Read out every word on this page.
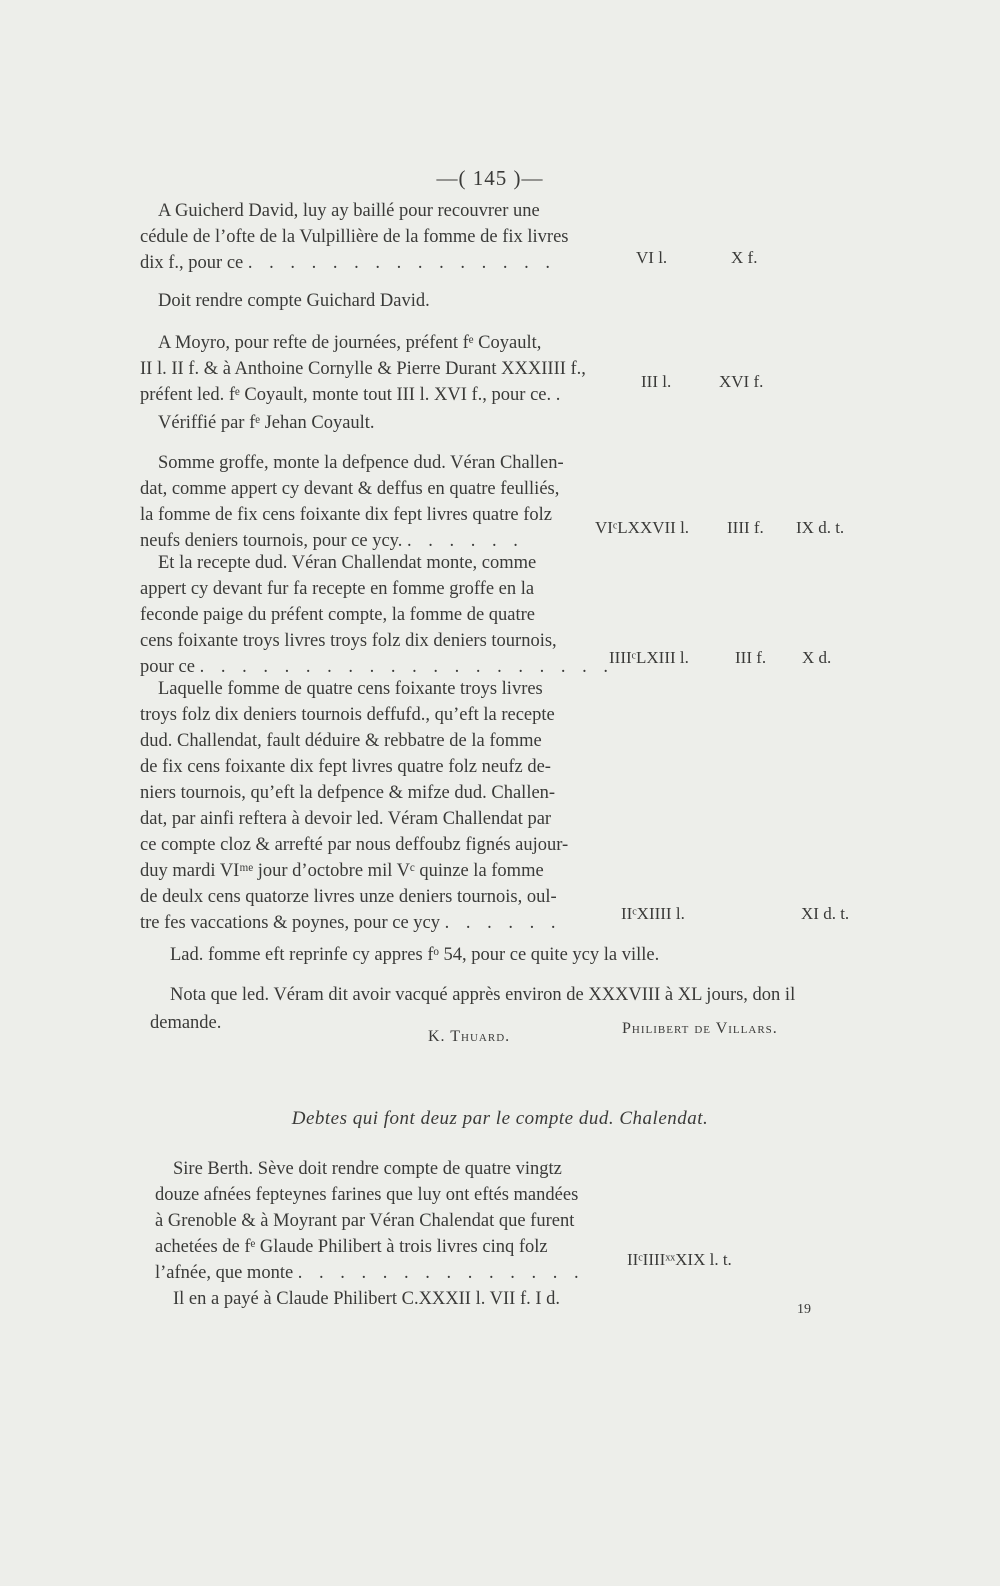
—( 145 )—
A Guicherd David, luy ay baillé pour recouvrer une
cédule de l’ofte de la Vulpillière de la fomme de fix livres
dix f., pour ce . . . . . . . . . . . . . . .	VI l.	X f.
Doit rendre compte Guichard David.
A Moyro, pour refte de journées, préfent fᵉ Coyault,
II l. II f. & à Anthoine Cornylle & Pierre Durant XXXIIII f.,
préfent led. fᵉ Coyault, monte tout III l. XVI f., pour ce. .
III l.	XVI f.
Vériffié par fᵉ Jehan Coyault.
Somme groffe, monte la defpence dud. Véran Challen-
dat, comme appert cy devant & deffus en quatre feulliés,
la fomme de fix cens foixante dix fept livres quatre folz
neufs deniers tournois, pour ce ycy. . . . . . .
VIᶜLXXVII l. IIII f. IX d. t.
Et la recepte dud. Véran Challendat monte, comme
appert cy devant fur fa recepte en fomme groffe en la
feconde paige du préfent compte, la fomme de quatre
cens foixante troys livres troys folz dix deniers tournois,
pour ce . . . . . . . . . . . . . . . . . . . .
IIIIᶜLXIII l.	III f. X d.
Laquelle fomme de quatre cens foixante troys livres
troys folz dix deniers tournois deffufd., qu’eft la recepte
dud. Challendat, fault déduire & rebbatre de la fomme
de fix cens foixante dix fept livres quatre folz neufz de-
niers tournois, qu’eft la defpence & mifze dud. Challen-
dat, par ainfi reftera à devoir led. Véram Challendat par
ce compte cloz & arrefté par nous deffoubz fignés aujour-
duy mardi VIᵐᵉ jour d’octobre mil Vᶜ quinze la fomme
de deulx cens quatorze livres unze deniers tournois, oul-
tre fes vaccations & poynes, pour ce ycy . . . . . .	IIᶜXIIII l.	XI d. t.
Lad. fomme eft reprinfe cy appres fᵒ 54, pour ce quite ycy la ville.
Nota que led. Véram dit avoir vacqué apprès environ de XXXVIII à XL jours, don il
demande.
K. Thuard.	Philibert de Villars.
Debtes qui font deuz par le compte dud. Chalendat.
Sire Berth. Sève doit rendre compte de quatre vingtz
douze afnées fepteynes farines que luy ont eftés mandées
à Grenoble & à Moyrant par Véran Chalendat que furent
achetées de fᵉ Glaude Philibert à trois livres cinq folz
l’afnée, que monte . . . . . . . . . . . . . .
Il en a payé à Claude Philibert C.XXXII l. VII f. I d.
IIᶜIIIIˣˣXIX l. t.
19
